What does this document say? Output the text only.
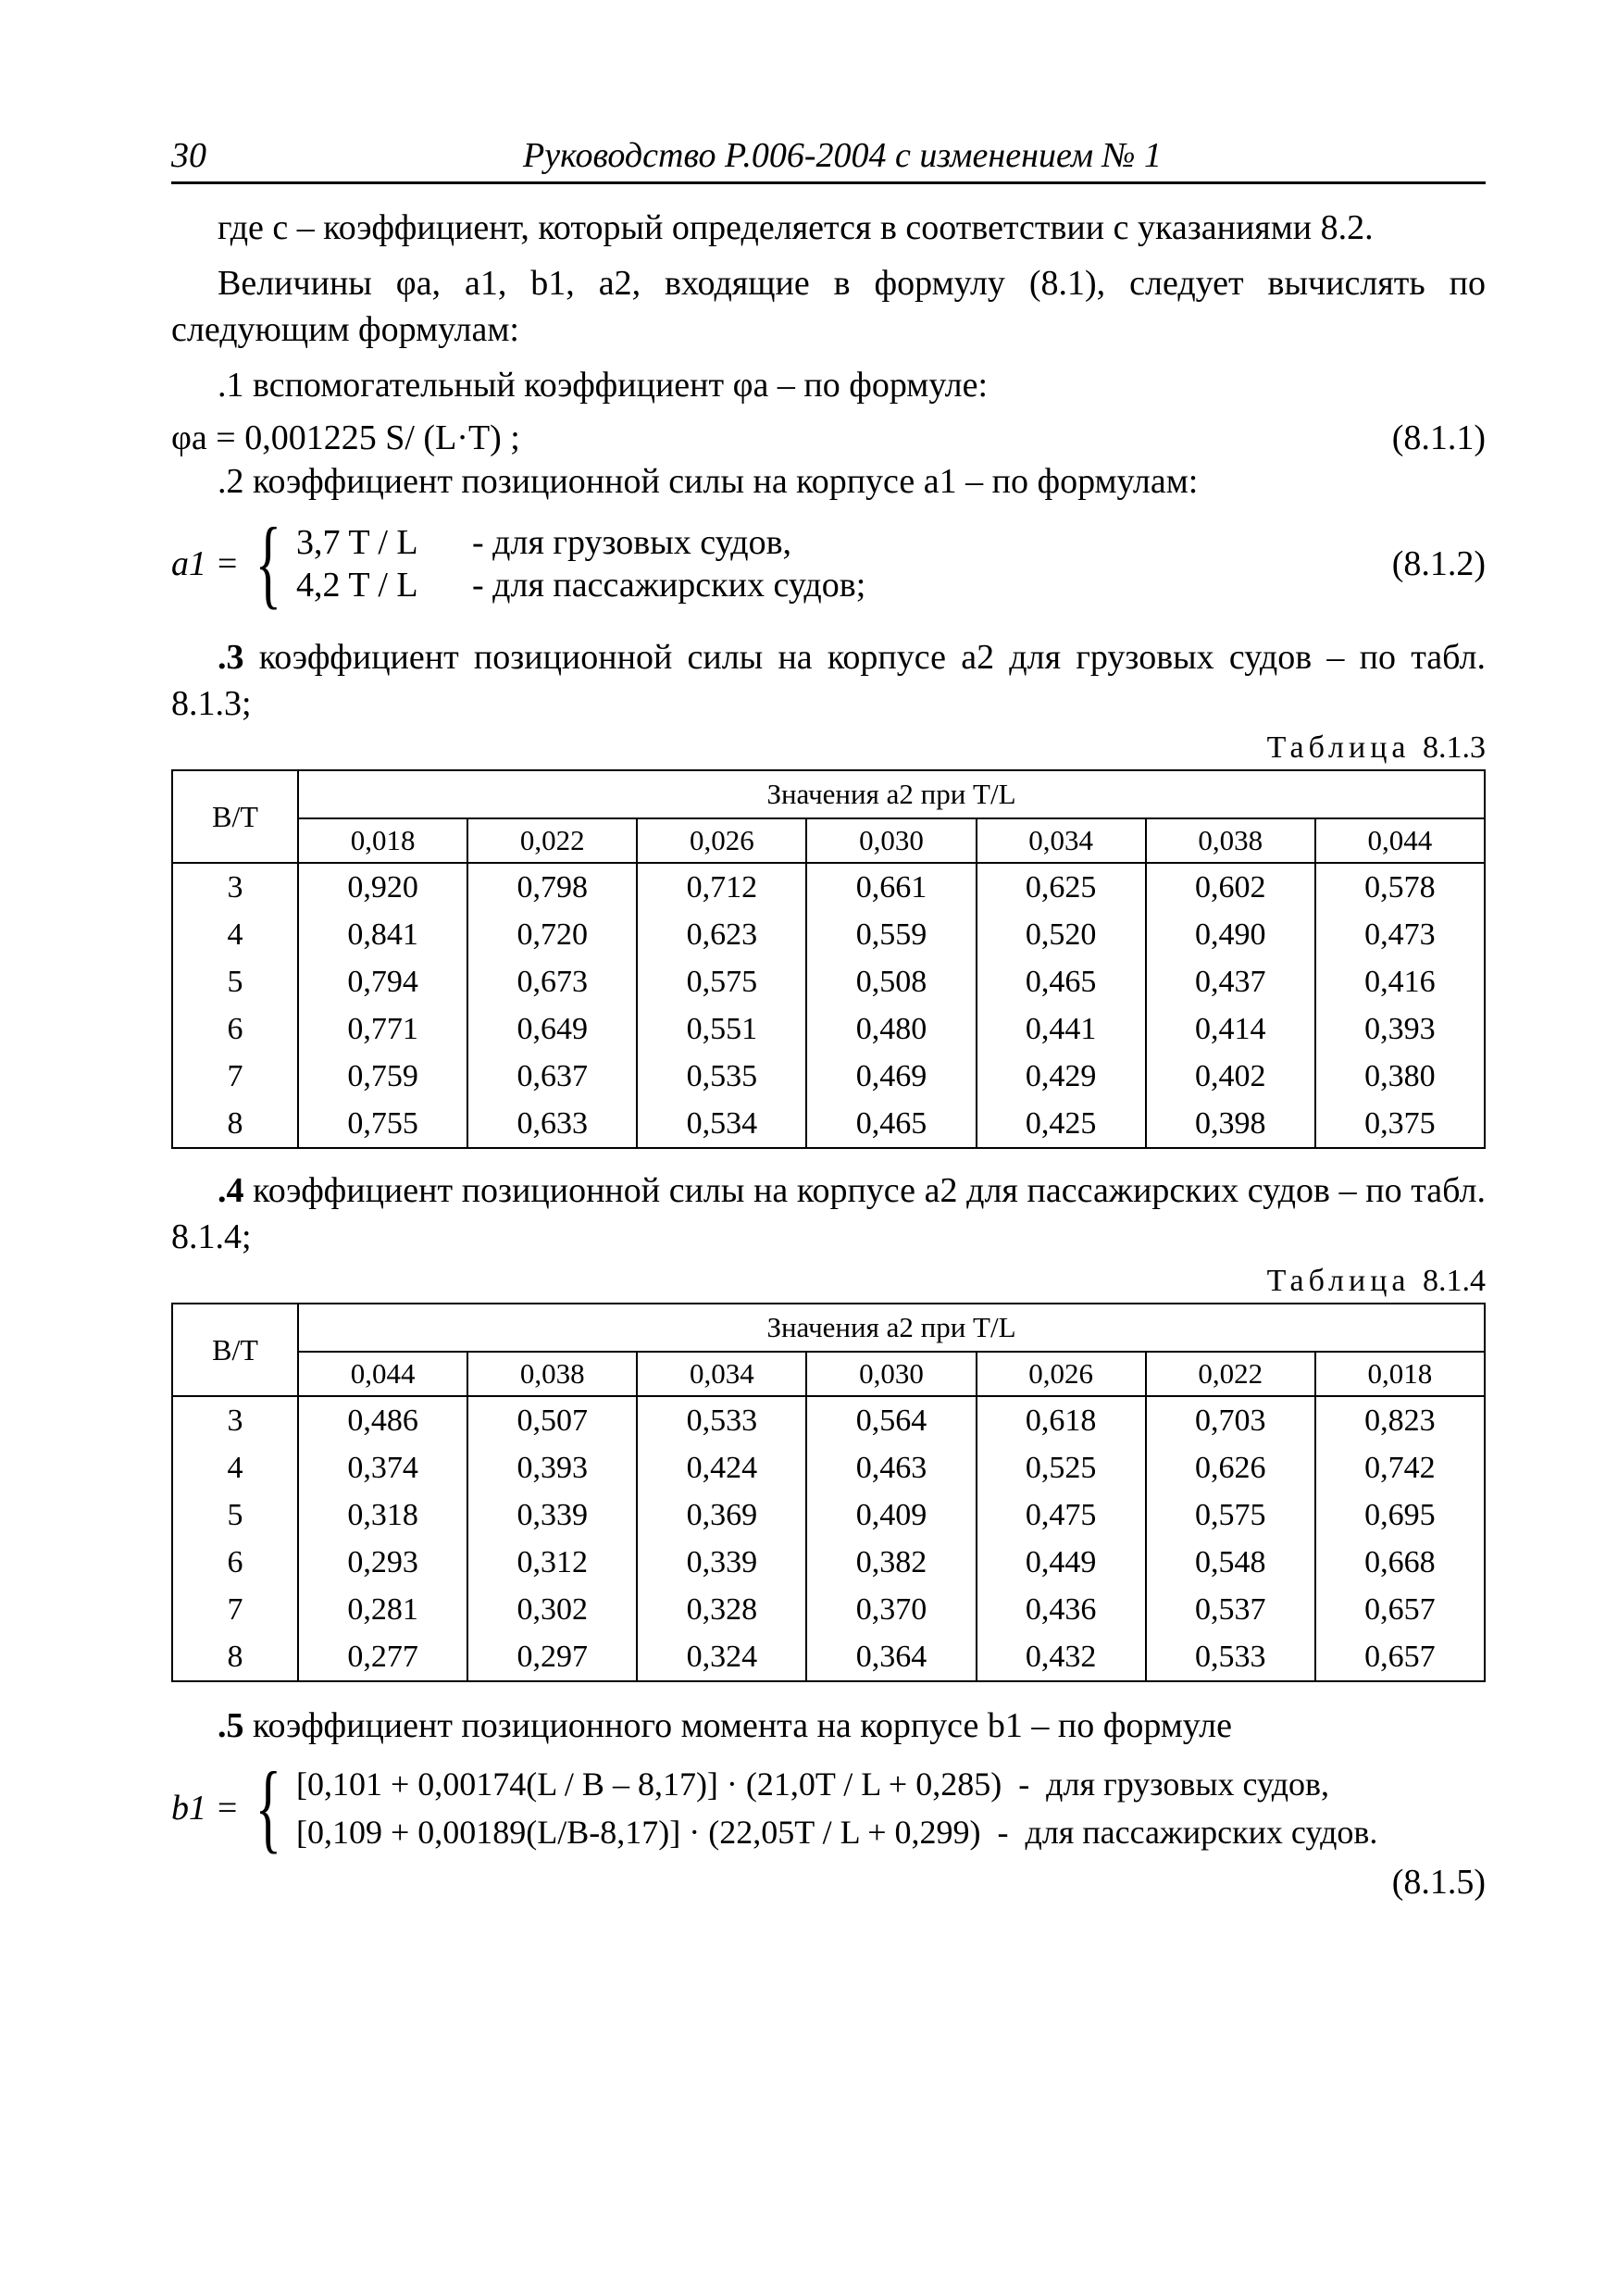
30	Руководство Р.006-2004 с изменением № 1

где c – коэффициент, который определяется в соответствии с указаниями 8.2.

Величины φa, a1, b1, a2, входящие в формулу (8.1), следует вычислять по следующим формулам:

.1 вспомогательный коэффициент φa – по формуле:

φa = 0,001225 S/ (L·T) ;	(8.1.1)

.2 коэффициент позиционной силы на корпусе a1 – по формулам:

a1 = { 3,7 T / L	- для грузовых судов,
4,2 T / L	- для пассажирских судов;
(8.1.2)

.3 коэффициент позиционной силы на корпусе a2 для грузовых судов – по табл. 8.1.3;

Таблица 8.1.3
B/T	Значения a2 при T/L						
	0,018	0,022	0,026	0,030	0,034	0,038	0,044
3	0,920	0,798	0,712	0,661	0,625	0,602	0,578
4	0,841	0,720	0,623	0,559	0,520	0,490	0,473
5	0,794	0,673	0,575	0,508	0,465	0,437	0,416
6	0,771	0,649	0,551	0,480	0,441	0,414	0,393
7	0,759	0,637	0,535	0,469	0,429	0,402	0,380
8	0,755	0,633	0,534	0,465	0,425	0,398	0,375

.4 коэффициент позиционной силы на корпусе a2 для пассажирских судов – по табл. 8.1.4;

Таблица 8.1.4
B/T	Значения a2 при T/L						
	0,044	0,038	0,034	0,030	0,026	0,022	0,018
3	0,486	0,507	0,533	0,564	0,618	0,703	0,823
4	0,374	0,393	0,424	0,463	0,525	0,626	0,742
5	0,318	0,339	0,369	0,409	0,475	0,575	0,695
6	0,293	0,312	0,339	0,382	0,449	0,548	0,668
7	0,281	0,302	0,328	0,370	0,436	0,537	0,657
8	0,277	0,297	0,324	0,364	0,432	0,533	0,657

.5 коэффициент позиционного момента на корпусе b1 – по формуле

b1 = { [0,101 + 0,00174(L / B – 8,17)] · (21,0T / L + 0,285)  -  для грузовых судов,
[0,109 + 0,00189(L/B-8,17)] · (22,05T / L + 0,299)  -  для пассажирских судов.
(8.1.5)
